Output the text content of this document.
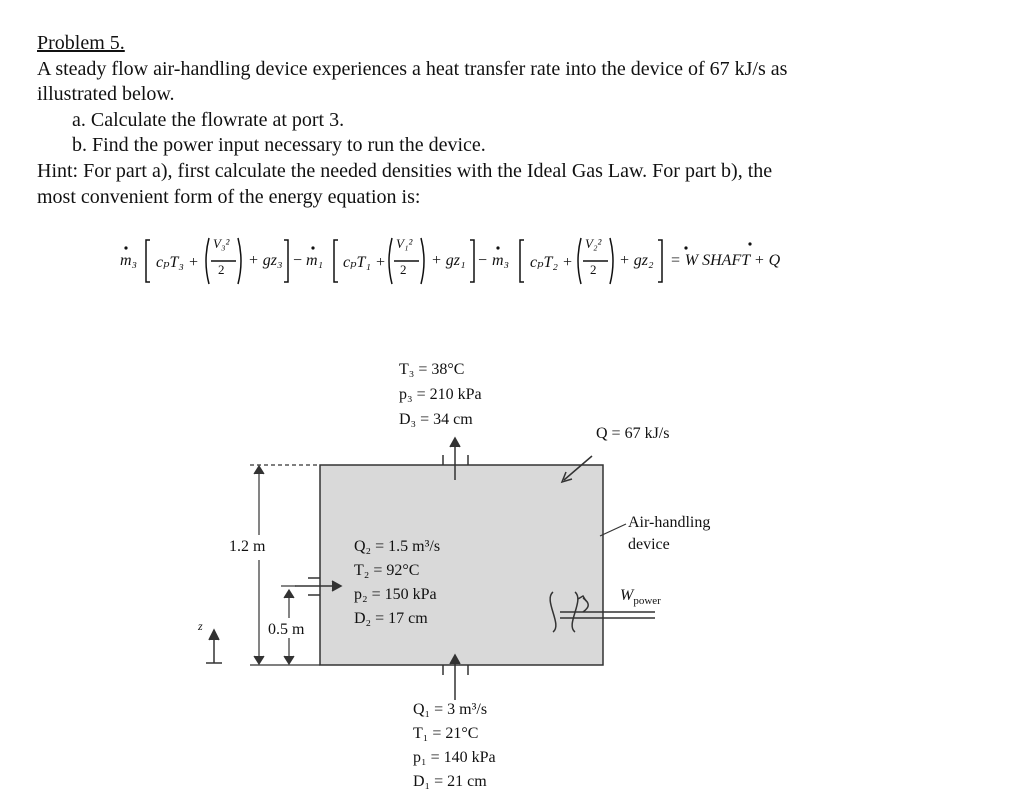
Problem 5.
A steady flow air-handling device experiences a heat transfer rate into the device of 67 kJ/s as
illustrated below.
a. Calculate the flowrate at port 3.
b. Find the power input necessary to run the device.
Hint: For part a), first calculate the needed densities with the Ideal Gas Law. For part b), the
most convenient form of the energy equation is:
m₃ cₚT₃ +
V₃²
2
+ gz₃ − m₁ cₚT₁ +
V₁²
2
+ gz₁ − m₃ cₚT₂ +
V₂²
2
+ gz₂ = W SHAFT + Q
T₃ = 38°C
p₃ = 210 kPa
D₃ = 34 cm
Q = 67 kJ/s
Air-handling
device
$W_{power}$
Q₂ = 1.5 m³/s
T₂ = 92°C
p₂ = 150 kPa
D₂ = 17 cm
1.2 m
0.5 m
z
Q₁ = 3 m³/s
T₁ = 21°C
p₁ = 140 kPa
D₁ = 21 cm
